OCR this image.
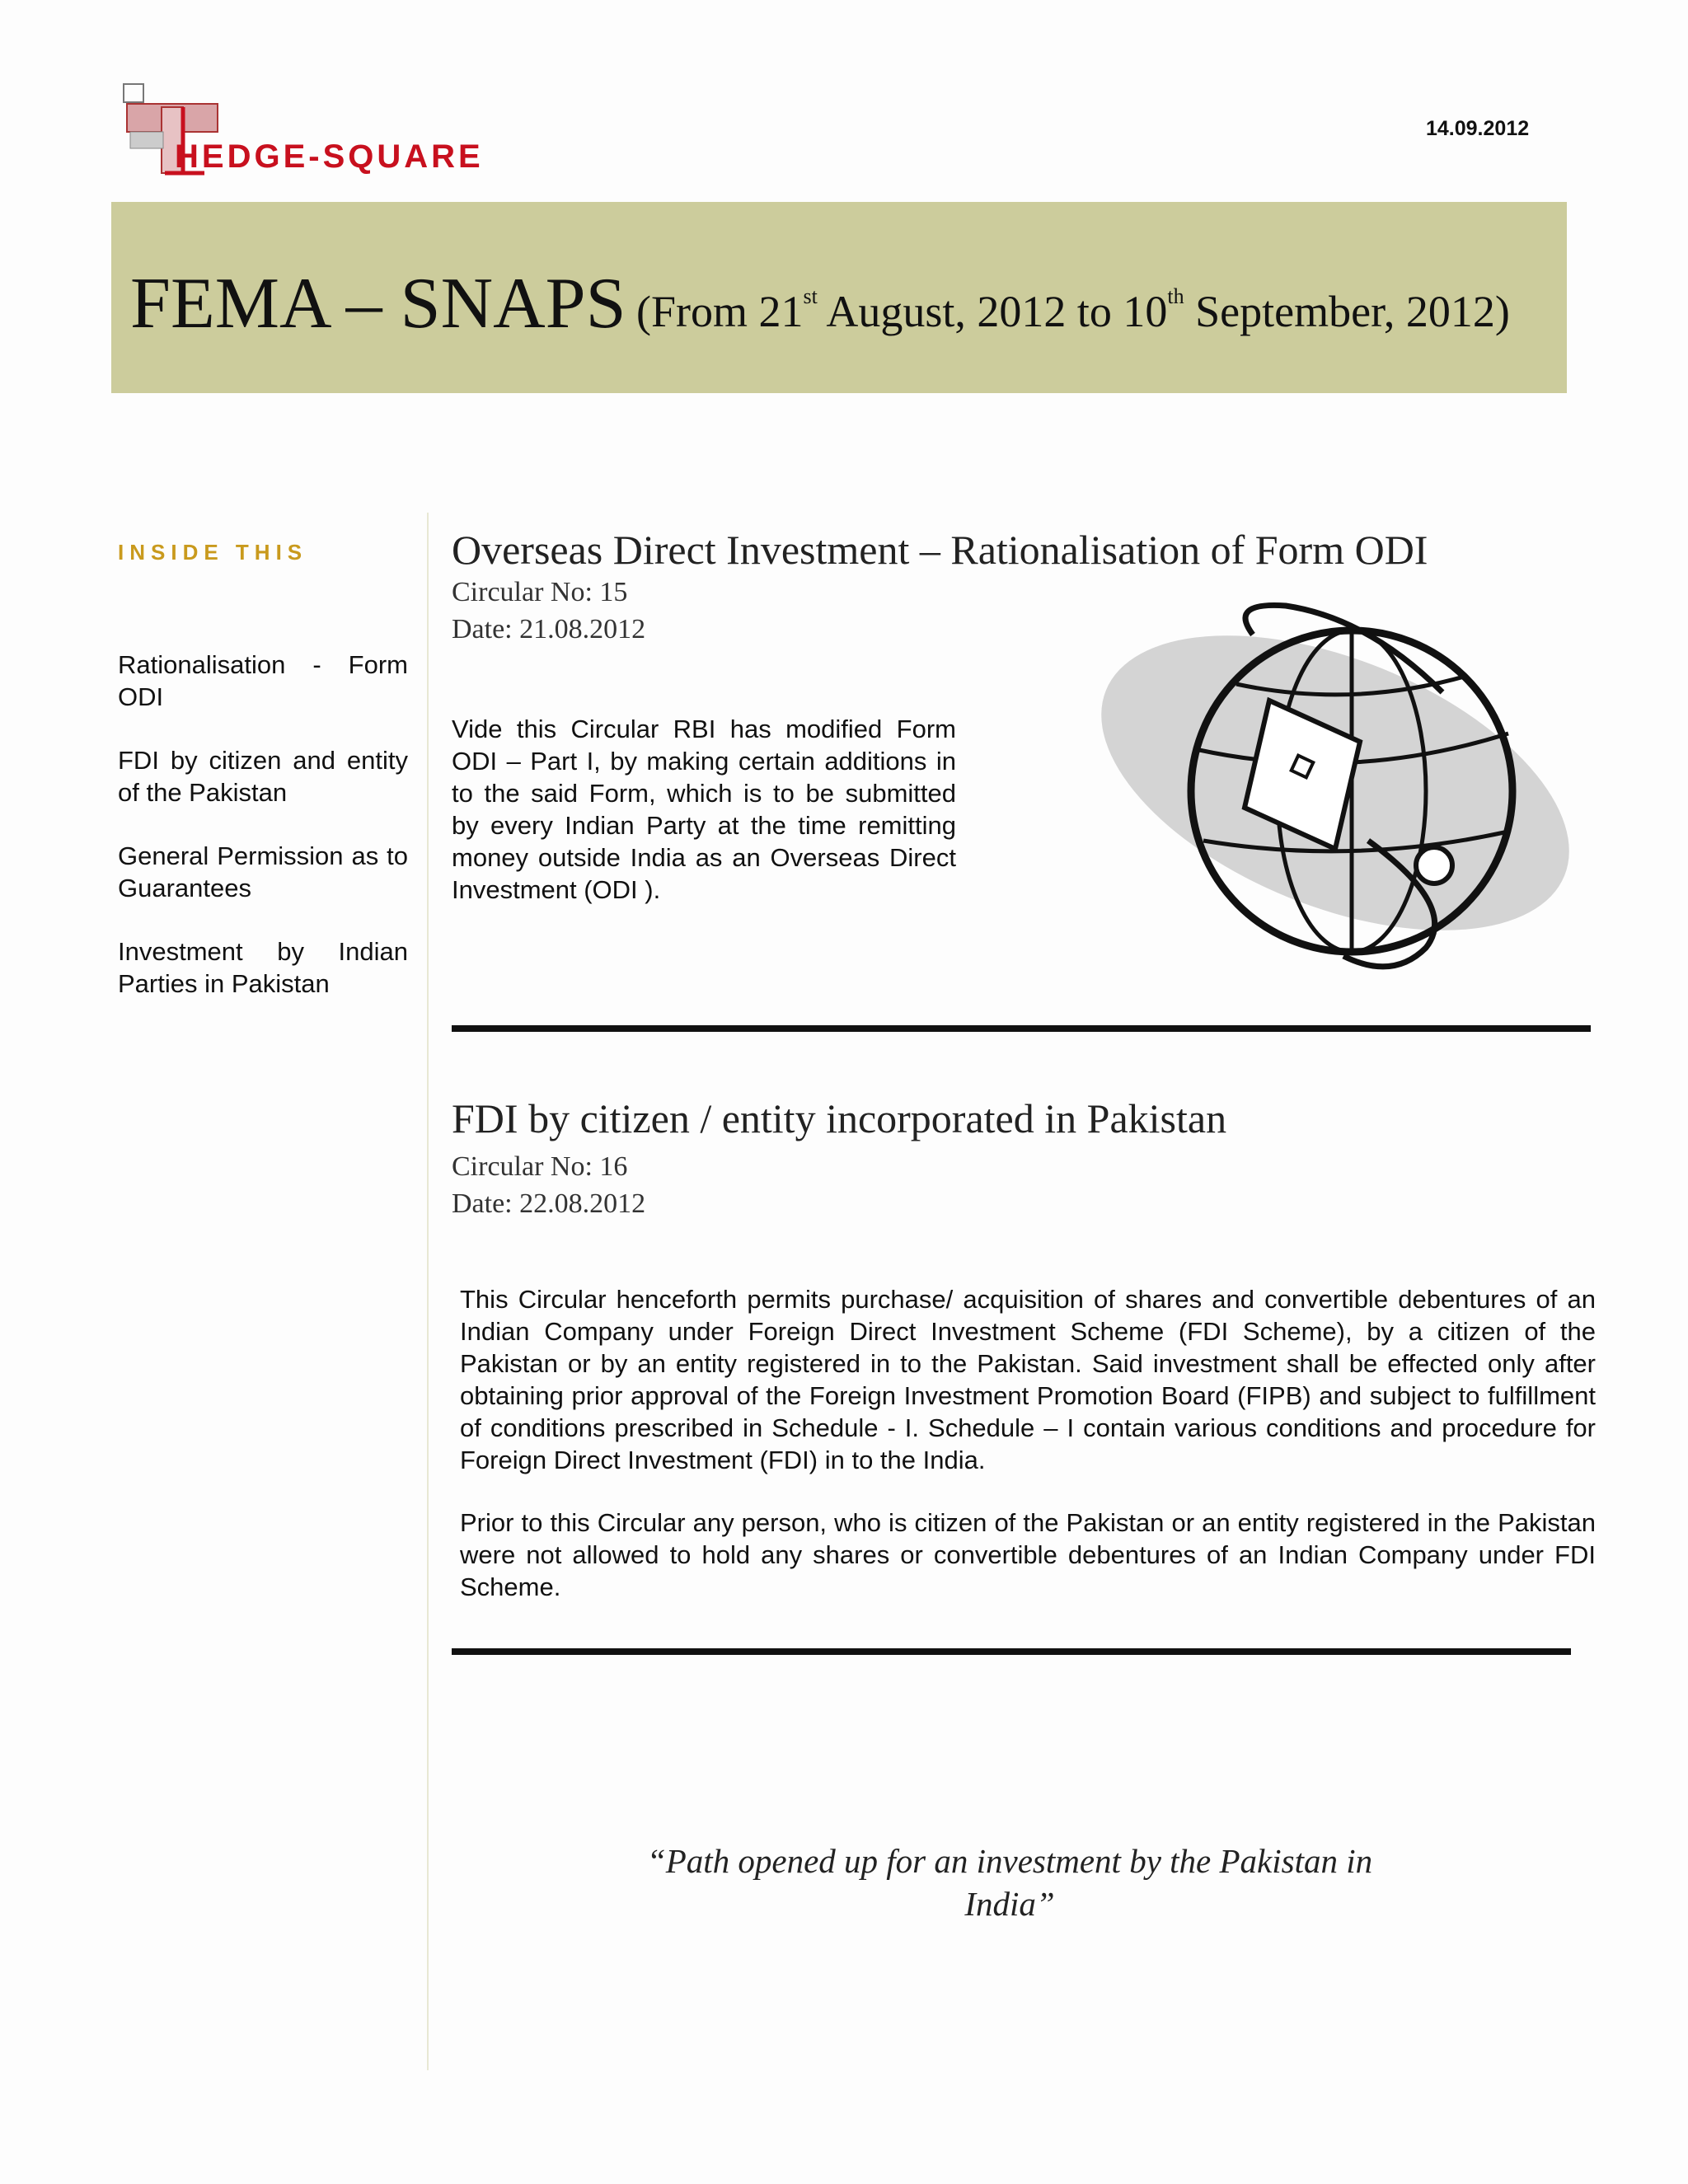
HEDGE-SQUARE
14.09.2012
FEMA – SNAPS (From 21st August, 2012 to 10th September, 2012)
INSIDE THIS
Rationalisation - Form ODI
FDI by citizen and entity of the Pakistan
General Permission as to Guarantees
Investment by Indian Parties in Pakistan
Overseas Direct Investment – Rationalisation of Form ODI
Circular No: 15
Date: 21.08.2012
Vide this Circular RBI has modified Form ODI – Part I, by making certain additions in to the said Form, which is to be submitted by every Indian Party at the time remitting money outside India as an Overseas Direct Investment (ODI ).
FDI by citizen / entity incorporated in Pakistan
Circular No: 16
Date: 22.08.2012
This Circular henceforth permits purchase/ acquisition of shares and convertible debentures of an Indian Company under Foreign Direct Investment Scheme (FDI Scheme), by a citizen of the Pakistan or by an entity registered in to the Pakistan. Said investment shall be effected only after obtaining prior approval of the Foreign Investment Promotion Board (FIPB) and subject to fulfillment of conditions prescribed in Schedule - I. Schedule – I contain various conditions and procedure for Foreign Direct Investment (FDI) in to the India.
Prior to this Circular any person, who is citizen of the Pakistan or an entity registered in the Pakistan were not allowed to hold any shares or convertible debentures of an Indian Company under FDI Scheme.
“Path opened up for an investment by the Pakistan in India”
